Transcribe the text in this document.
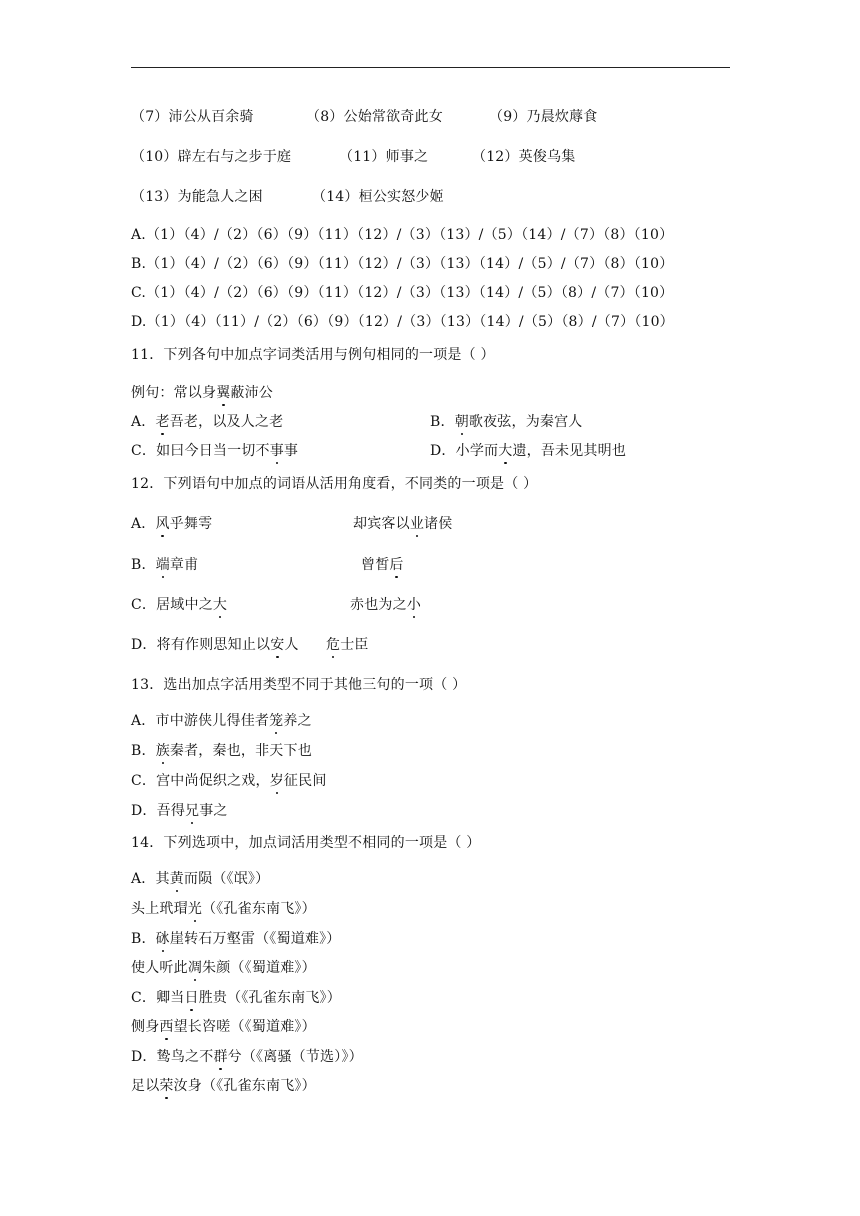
（7）沛公从百余骑	（8）公始常欲奇此女	（9）乃晨炊蓐食
（10）辟左右与之步于庭	（11）师事之	（12）英俊乌集
（13）为能急人之困	（14）桓公实怒少姬
A.（1）（4）/（2）（6）（9）（11）（12）/（3）（13）/（5）（14）/（7）（8）（10）
B.（1）（4）/（2）（6）（9）（11）（12）/（3）（13）（14）/（5）/（7）（8）（10）
C.（1）（4）/（2）（6）（9）（11）（12）/（3）（13）（14）/（5）（8）/（7）（10）
D.（1）（4）（11）/（2）（6）（9）（12）/（3）（13）（14）/（5）（8）/（7）（10）
11．下列各句中加点字词类活用与例句相同的一项是（ ）
例句：常以身翼蔽沛公
A．老吾老，以及人之老	B．朝歌夜弦，为秦宫人
C．如曰今日当一切不事事	D．小学而大遗，吾未见其明也
12．下列语句中加点的词语从活用角度看，不同类的一项是（ ）
A．风乎舞雩	却宾客以业诸侯
B．端章甫	曾皙后
C．居域中之大	赤也为之小
D．将有作则思知止以安人 危士臣
13．选出加点字活用类型不同于其他三句的一项（ ）
A．市中游侠儿得佳者笼养之
B．族秦者，秦也，非天下也
C．宫中尚促织之戏，岁征民间
D．吾得兄事之
14．下列选项中，加点词活用类型不相同的一项是（ ）
A．其黄而陨（《氓》）
头上玳瑁光（《孔雀东南飞》）
B．砯崖转石万壑雷（《蜀道难》）
使人听此凋朱颜（《蜀道难》）
C．卿当日胜贵（《孔雀东南飞》）
侧身西望长咨嗟（《蜀道难》）
D．鸷鸟之不群兮（《离骚（节选）》）
足以荣汝身（《孔雀东南飞》）
